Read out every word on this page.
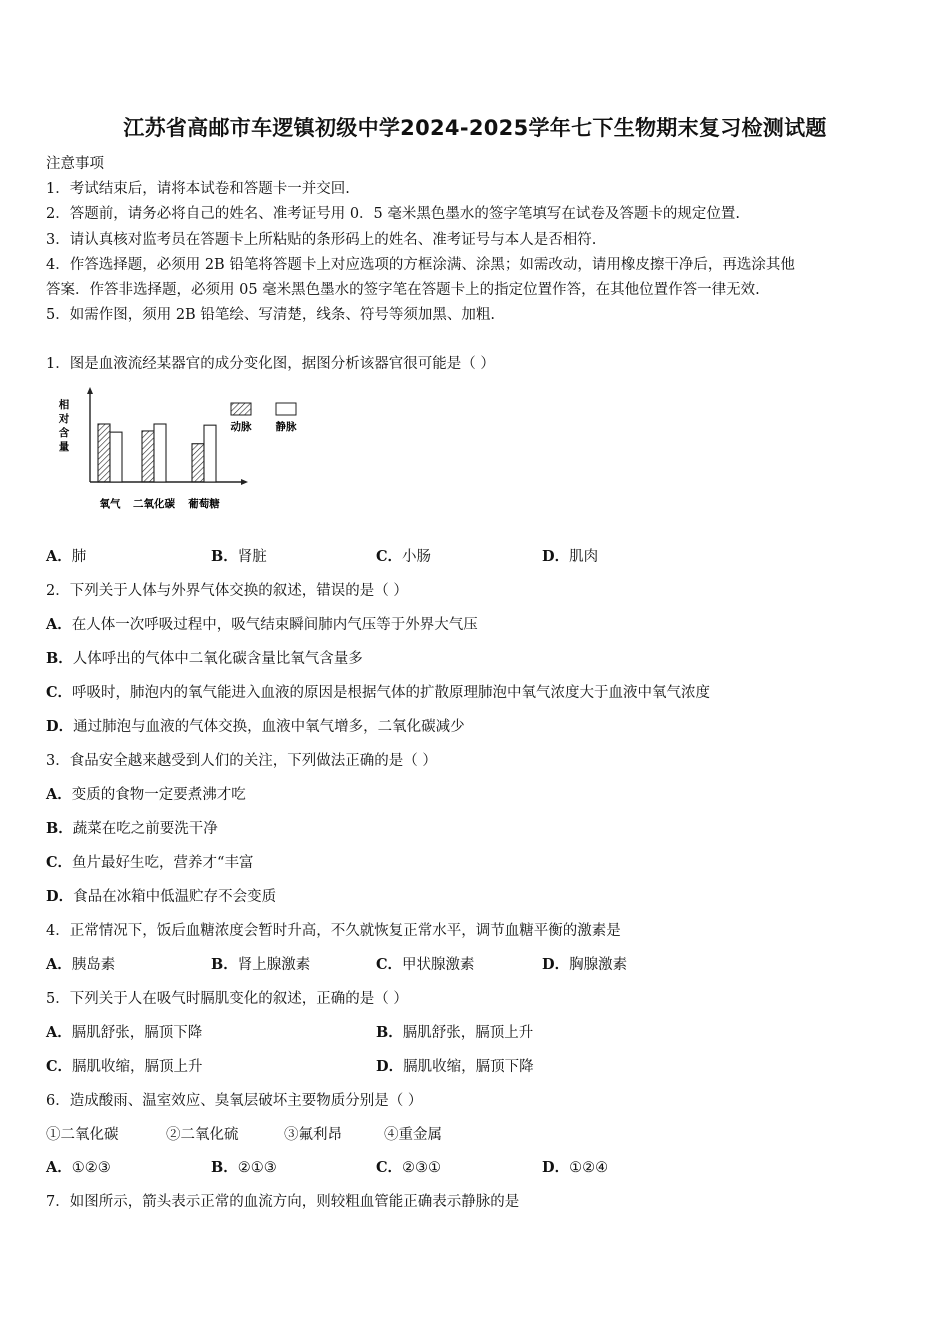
江苏省高邮市车逻镇初级中学2024-2025学年七下生物期末复习检测试题
注意事项
1．考试结束后，请将本试卷和答题卡一并交回.
2．答题前，请务必将自己的姓名、准考证号用 0．5 毫米黑色墨水的签字笔填写在试卷及答题卡的规定位置.
3．请认真核对监考员在答题卡上所粘贴的条形码上的姓名、准考证号与本人是否相符.
4．作答选择题，必须用 2B 铅笔将答题卡上对应选项的方框涂满、涂黑；如需改动，请用橡皮擦干净后，再选涂其他
答案．作答非选择题，必须用 05 毫米黑色墨水的签字笔在答题卡上的指定位置作答，在其他位置作答一律无效.
5．如需作图，须用 2B 铅笔绘、写清楚，线条、符号等须加黑、加粗.
1．图是血液流经某器官的成分变化图，据图分析该器官很可能是（ ）
相
对
含
量
氧气 二氧化碳 葡萄糖
动脉 静脉
A．肺	B．肾脏	C．小肠	D．肌肉
2．下列关于人体与外界气体交换的叙述，错误的是（ ）
A．在人体一次呼吸过程中，吸气结束瞬间肺内气压等于外界大气压
B．人体呼出的气体中二氧化碳含量比氧气含量多
C．呼吸时，肺泡内的氧气能进入血液的原因是根据气体的扩散原理肺泡中氧气浓度大于血液中氧气浓度
D．通过肺泡与血液的气体交换，血液中氧气增多，二氧化碳减少
3．食品安全越来越受到人们的关注，下列做法正确的是（ ）
A．变质的食物一定要煮沸才吃
B．蔬菜在吃之前要洗干净
C．鱼片最好生吃，营养才“丰富
D．食品在冰箱中低温贮存不会变质
4．正常情况下，饭后血糖浓度会暂时升高，不久就恢复正常水平，调节血糖平衡的激素是
A．胰岛素	B．肾上腺激素	C．甲状腺激素	D．胸腺激素
5．下列关于人在吸气时膈肌变化的叙述，正确的是（ ）
A．膈肌舒张，膈顶下降	B．膈肌舒张，膈顶上升
C．膈肌收缩，膈顶上升	D．膈肌收缩，膈顶下降
6．造成酸雨、温室效应、臭氧层破坏主要物质分别是（ ）
①二氧化碳	②二氧化硫	③氟利昂	④重金属
A．①②③	B．②①③	C．②③①	D．①②④
7．如图所示，箭头表示正常的血流方向，则较粗血管能正确表示静脉的是
